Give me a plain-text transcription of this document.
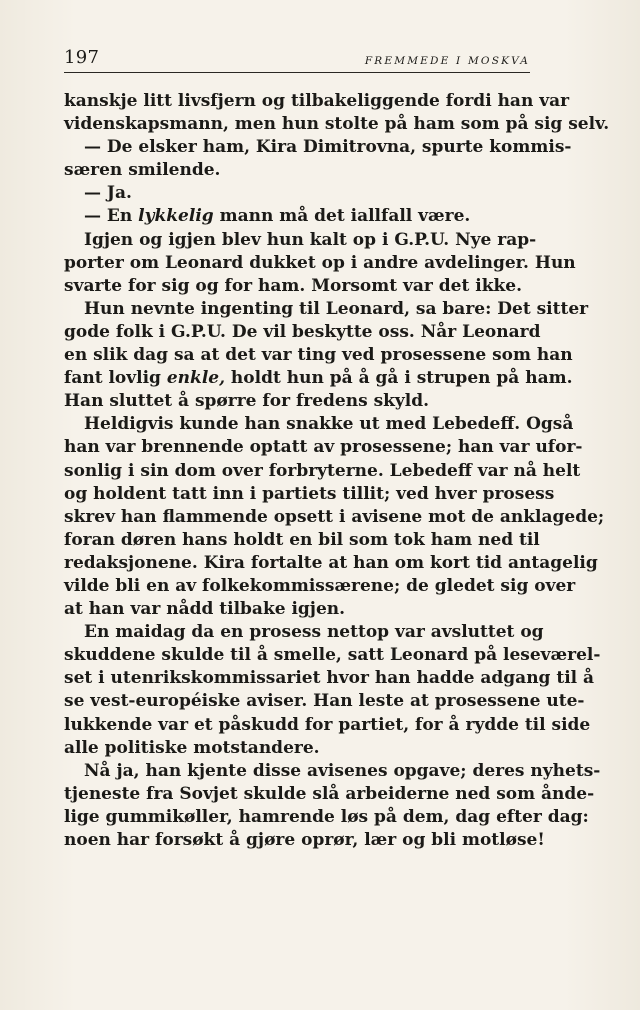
197	FREMMEDE I MOSKVA
kanskje litt livsfjern og tilbakeliggende fordi han var
videnskapsmann, men hun stolte på ham som på sig selv.
— De elsker ham, Kira Dimitrovna, spurte kommis-
særen smilende.
— Ja.
— En lykkelig mann må det iallfall være.
Igjen og igjen blev hun kalt op i G.P.U. Nye rap-
porter om Leonard dukket op i andre avdelinger. Hun
svarte for sig og for ham. Morsomt var det ikke.
Hun nevnte ingenting til Leonard, sa bare: Det sitter
gode folk i G.P.U. De vil beskytte oss. Når Leonard
en slik dag sa at det var ting ved prosessene som han
fant lovlig enkle, holdt hun på å gå i strupen på ham.
Han sluttet å spørre for fredens skyld.
Heldigvis kunde han snakke ut med Lebedeff. Også
han var brennende optatt av prosessene; han var ufor-
sonlig i sin dom over forbryterne. Lebedeff var nå helt
og holdent tatt inn i partiets tillit; ved hver prosess
skrev han flammende opsett i avisene mot de anklagede;
foran døren hans holdt en bil som tok ham ned til
redaksjonene. Kira fortalte at han om kort tid antagelig
vilde bli en av folkekommissærene; de gledet sig over
at han var nådd tilbake igjen.
En maidag da en prosess nettop var avsluttet og
skuddene skulde til å smelle, satt Leonard på leseværel-
set i utenrikskommissariet hvor han hadde adgang til å
se vest-européiske aviser. Han leste at prosessene ute-
lukkende var et påskudd for partiet, for å rydde til side
alle politiske motstandere.
Nå ja, han kjente disse avisenes opgave; deres nyhets-
tjeneste fra Sovjet skulde slå arbeiderne ned som ånde-
lige gummikøller, hamrende løs på dem, dag efter dag:
noen har forsøkt å gjøre oprør, lær og bli motløse!
